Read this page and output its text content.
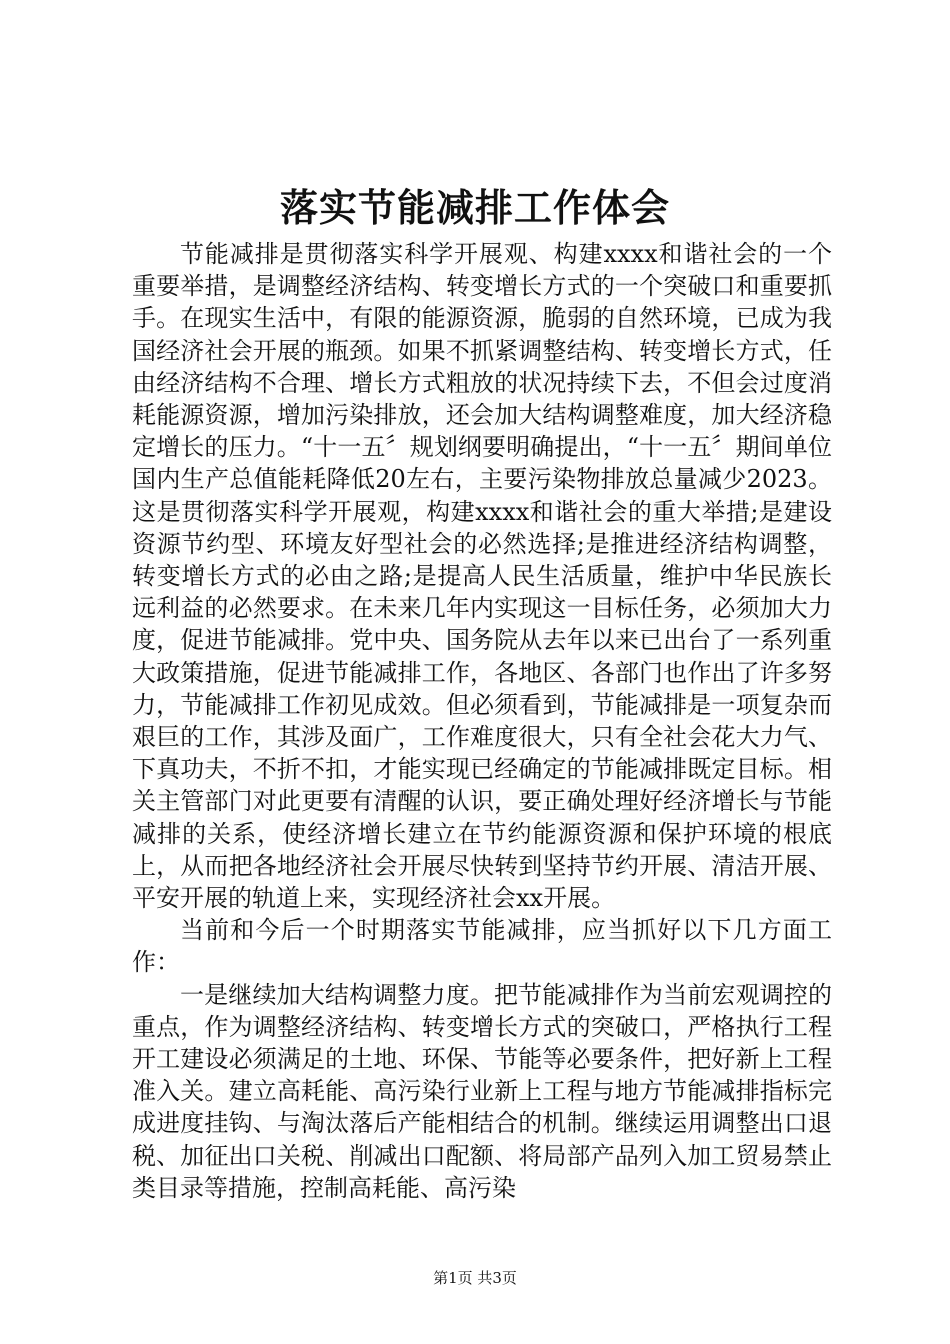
落实节能减排工作体会

节能减排是贯彻落实科学开展观、构建xxxx和谐社会的一个重要举措，是调整经济结构、转变增长方式的一个突破口和重要抓手。在现实生活中，有限的能源资源，脆弱的自然环境，已成为我国经济社会开展的瓶颈。如果不抓紧调整结构、转变增长方式，任由经济结构不合理、增长方式粗放的状况持续下去，不但会过度消耗能源资源，增加污染排放，还会加大结构调整难度，加大经济稳定增长的压力。“十一五〞规划纲要明确提出，“十一五〞期间单位国内生产总值能耗降低20左右，主要污染物排放总量减少2023。这是贯彻落实科学开展观，构建xxxx和谐社会的重大举措;是建设资源节约型、环境友好型社会的必然选择;是推进经济结构调整，转变增长方式的必由之路;是提高人民生活质量，维护中华民族长远利益的必然要求。在未来几年内实现这一目标任务，必须加大力度，促进节能减排。党中央、国务院从去年以来已出台了一系列重大政策措施，促进节能减排工作，各地区、各部门也作出了许多努力，节能减排工作初见成效。但必须看到，节能减排是一项复杂而艰巨的工作，其涉及面广，工作难度很大，只有全社会花大力气、下真功夫，不折不扣，才能实现已经确定的节能减排既定目标。相关主管部门对此更要有清醒的认识，要正确处理好经济增长与节能减排的关系，使经济增长建立在节约能源资源和保护环境的根底上，从而把各地经济社会开展尽快转到坚持节约开展、清洁开展、平安开展的轨道上来，实现经济社会xx开展。

当前和今后一个时期落实节能减排，应当抓好以下几方面工作：

一是继续加大结构调整力度。把节能减排作为当前宏观调控的重点，作为调整经济结构、转变增长方式的突破口，严格执行工程开工建设必须满足的土地、环保、节能等必要条件，把好新上工程准入关。建立高耗能、高污染行业新上工程与地方节能减排指标完成进度挂钩、与淘汰落后产能相结合的机制。继续运用调整出口退税、加征出口关税、削减出口配额、将局部产品列入加工贸易禁止类目录等措施，控制高耗能、高污染

第1页 共3页
